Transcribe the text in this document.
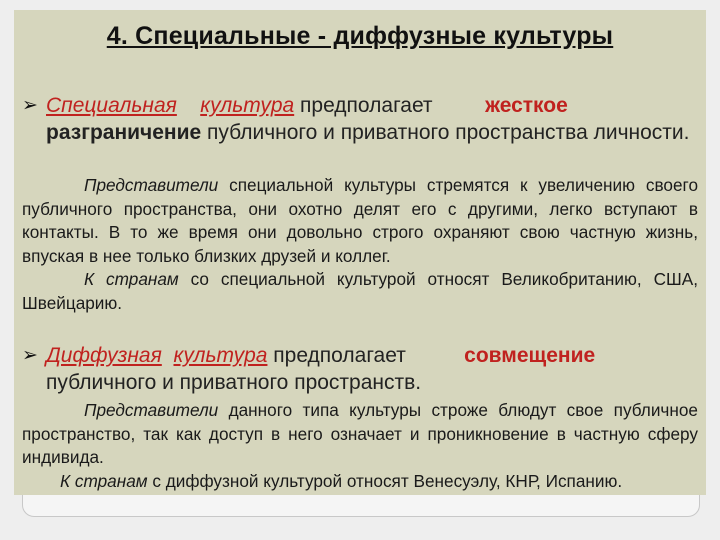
4. Специальные - диффузные культуры
➢ Специальная культура предполагает         жесткое
разграничение публичного и приватного пространства личности.
Представители специальной культуры стремятся к увеличению своего публичного пространства, они охотно делят его с другими, легко вступают в контакты. В то же время они довольно строго охраняют свою частную жизнь, впуская в нее только близких друзей и коллег.
К странам со специальной культурой относят Великобританию, США, Швейцарию.
➢ Диффузная культура предполагает	совмещение
публичного и приватного пространств.
Представители данного типа культуры строже блюдут свое публичное пространство, так как доступ в него означает и проникновение в частную сферу индивида.
К странам с диффузной культурой относят Венесуэлу, КНР, Испанию.
